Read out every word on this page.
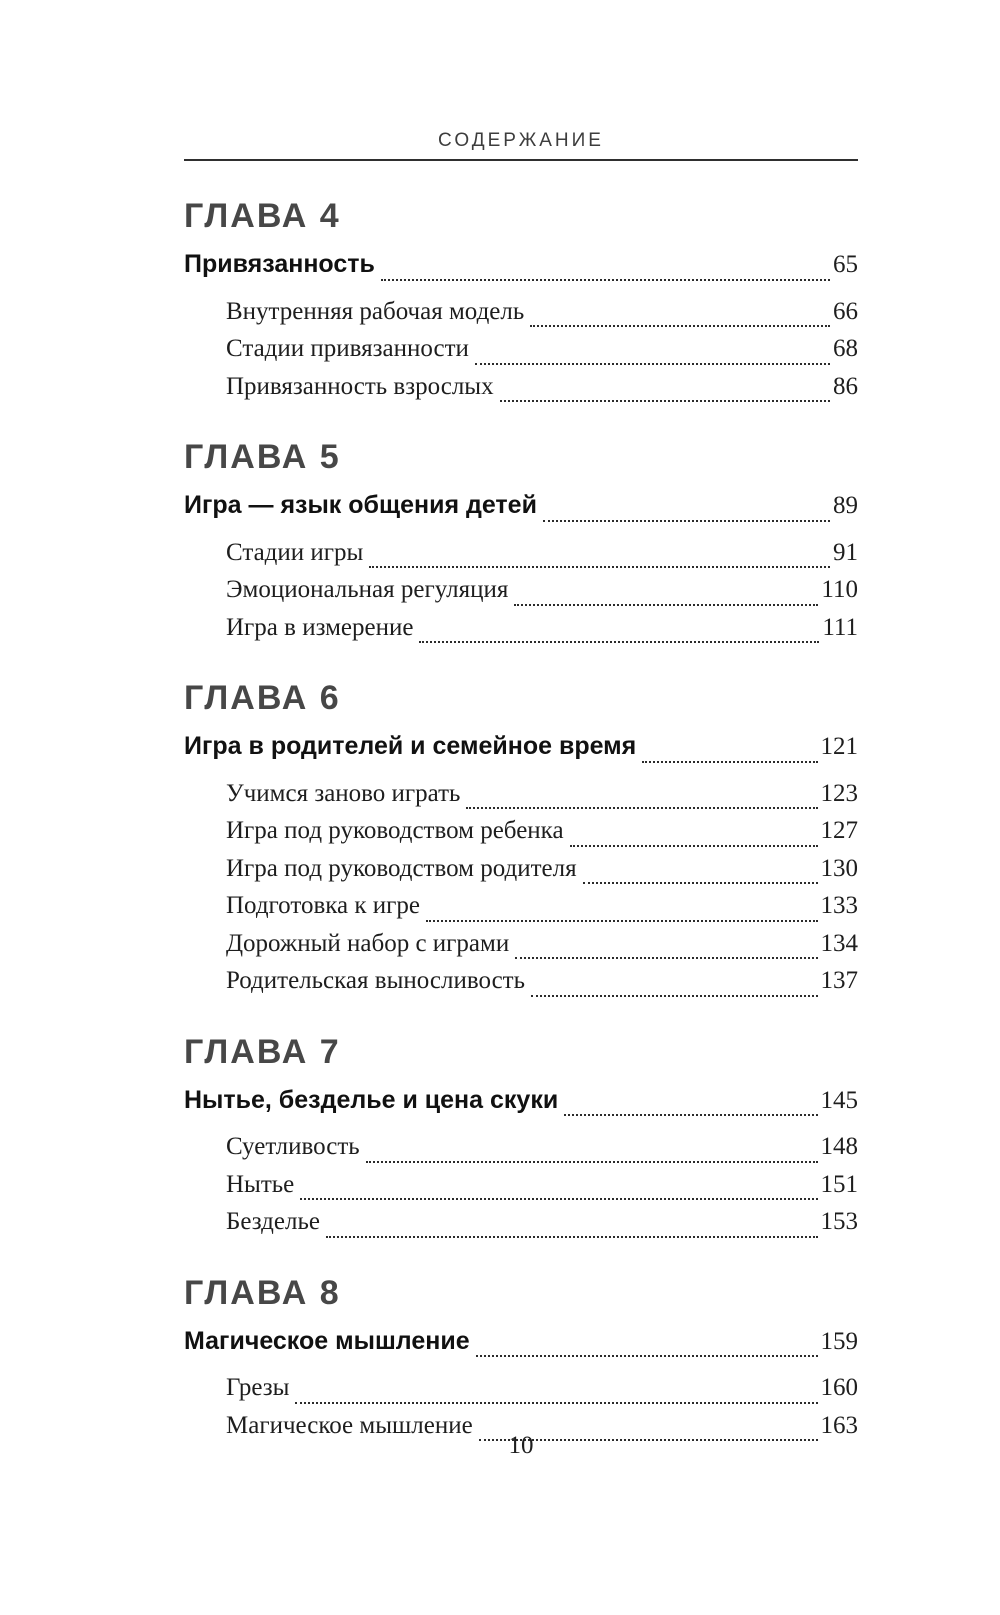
СОДЕРЖАНИЕ
ГЛАВА 4
Привязанность	65
Внутренняя рабочая модель	66
Стадии привязанности	68
Привязанность взрослых	86
ГЛАВА 5
Игра — язык общения детей	89
Стадии игры	91
Эмоциональная регуляция	110
Игра в измерение	111
ГЛАВА 6
Игра в родителей и семейное время	121
Учимся заново играть	123
Игра под руководством ребенка	127
Игра под руководством родителя	130
Подготовка к игре	133
Дорожный набор с играми	134
Родительская выносливость	137
ГЛАВА 7
Нытье, безделье и цена скуки	145
Суетливость	148
Нытье	151
Безделье	153
ГЛАВА 8
Магическое мышление	159
Грезы	160
Магическое мышление	163
10
